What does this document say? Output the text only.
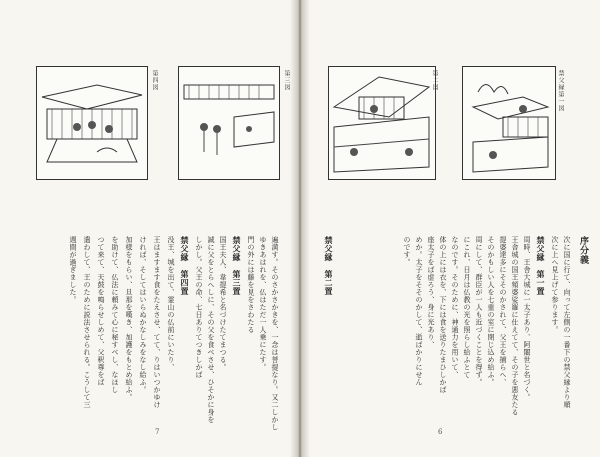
第四図	第三図
遍満す。そのさかさかきを、一念は菩提なり。又二しかし
ゆきあはれを、仏はただ一人乗にたす。
門の外には藤を見をさわたる
禁父縁　第三置
国王夫人、韋提希と名づけたてまつる。
誠に父をとらへしに、その父を食べさせ、ひそかに身を
しかし。父王の命、七日ありてつきしかば
禁父縁　第四置
没王、城を出て、霊山の仏前にいたり、
王はますます食をたえさせ、てて、りはいつかゆけ
ければ、そしてはいらぬかなしみをなし給ふ。
加様をもらい、旦那を嘆き、加護をもとめ給ふ。
を助けて、仏法に頼みて心に秘すべし、なほし
つて来て、天鼓を鳴らせしめて、父釈尊をば
遣わして、王のために説法させられる。こうして三
週間が過ぎました。
7
第二図	禁父縁第一図
序分義
次に国に行て、向って左側の一番下の禁父縁より順
次に上へ見上げて参ります。
禁父縁　第一置
周時、王舎大城に一太子あり、阿闍世と名づく。
王舎城の国王頻婆娑羅に仕えてて、その子を悪友たる
提婆達多にそそのかされて、父王を捕らへ、
そのかもしい人を七重の室に閉じ込め給ふ。
周にして、群臣が一人も近づくことを得ず。
にこれ、日月は仏教の光を照らし給ふとて
なのです。そのために、神通力を用いて、
体の上には衣を、下には食を送りたまひしかば
座太子をば虚ろう、身に光あり、
めか。太子をそそのかして、逝ばかりにせん
のです。
禁父縁　第二置
6
